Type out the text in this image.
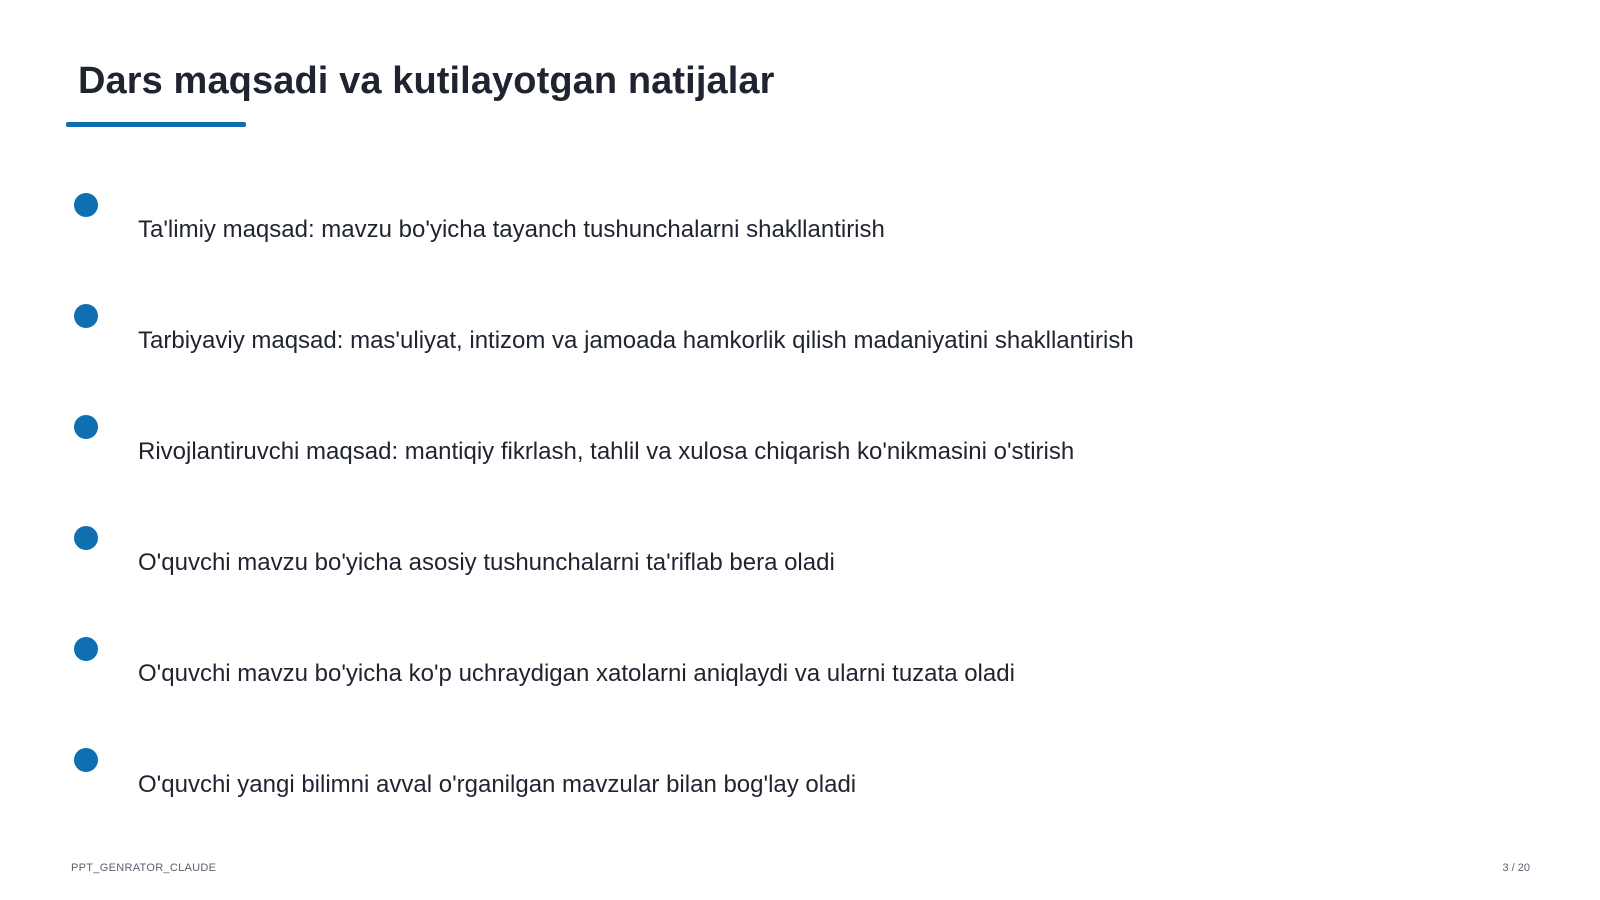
Dars maqsadi va kutilayotgan natijalar
Ta'limiy maqsad: mavzu bo'yicha tayanch tushunchalarni shakllantirish
Tarbiyaviy maqsad: mas'uliyat, intizom va jamoada hamkorlik qilish madaniyatini shakllantirish
Rivojlantiruvchi maqsad: mantiqiy fikrlash, tahlil va xulosa chiqarish ko'nikmasini o'stirish
O'quvchi mavzu bo'yicha asosiy tushunchalarni ta'riflab bera oladi
O'quvchi mavzu bo'yicha ko'p uchraydigan xatolarni aniqlaydi va ularni tuzata oladi
O'quvchi yangi bilimni avval o'rganilgan mavzular bilan bog'lay oladi
PPT_GENRATOR_CLAUDE	3 / 20
